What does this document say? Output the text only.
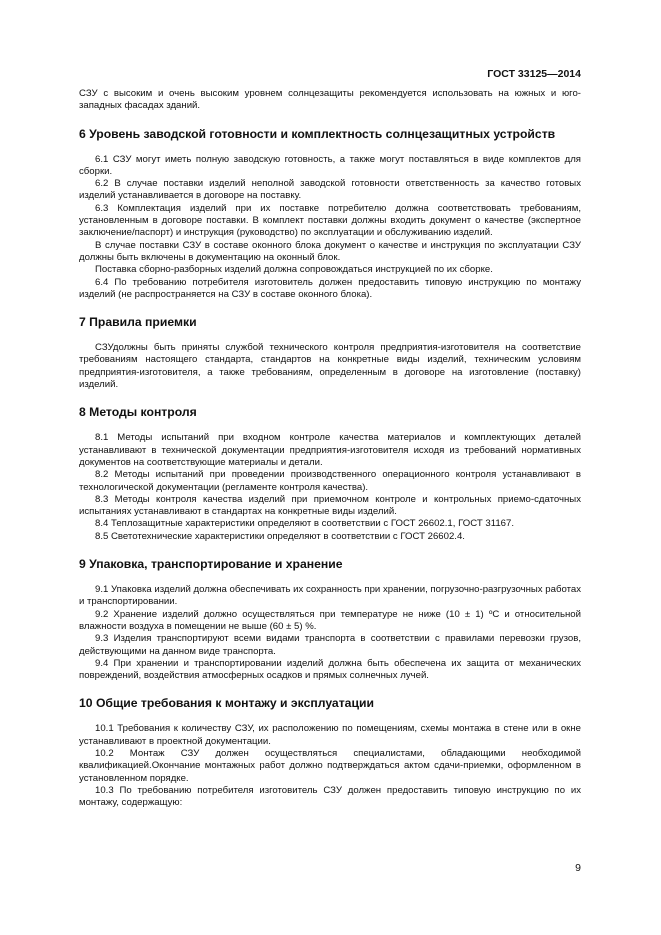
ГОСТ 33125—2014

СЗУ с высоким и очень высоким уровнем солнцезащиты рекомендуется использовать на южных и юго-западных фасадах зданий.

6 Уровень заводской готовности и комплектность солнцезащитных устройств

6.1 СЗУ могут иметь полную заводскую готовность, а также могут поставляться в виде комплектов для сборки.

6.2 В случае поставки изделий неполной заводской готовности ответственность за качество готовых изделий устанавливается в договоре на поставку.

6.3 Комплектация изделий при их поставке потребителю должна соответствовать требованиям, установленным в договоре поставки. В комплект поставки должны входить документ о качестве (экспертное заключение/паспорт) и инструкция (руководство) по эксплуатации и обслуживанию изделий.

В случае поставки СЗУ в составе оконного блока документ о качестве и инструкция по эксплуатации СЗУ должны быть включены в документацию на оконный блок.

Поставка сборно-разборных изделий должна сопровождаться инструкцией по их сборке.

6.4 По требованию потребителя изготовитель должен предоставить типовую инструкцию по монтажу изделий (не распространяется на СЗУ в составе оконного блока).

7 Правила приемки

СЗУдолжны быть приняты службой технического контроля предприятия-изготовителя на соответствие требованиям настоящего стандарта, стандартов на конкретные виды изделий, техническим условиям предприятия-изготовителя, а также требованиям, определенным в договоре на изготовление (поставку) изделий.

8 Методы контроля

8.1 Методы испытаний при входном контроле качества материалов и комплектующих деталей устанавливают в технической документации предприятия-изготовителя исходя из требований нормативных документов на соответствующие материалы и детали.

8.2 Методы испытаний при проведении производственного операционного контроля устанавливают в технологической документации (регламенте контроля качества).

8.3 Методы контроля качества изделий при приемочном контроле и контрольных приемо-сдаточных испытаниях устанавливают в стандартах на конкретные виды изделий.

8.4 Теплозащитные характеристики определяют в соответствии с ГОСТ 26602.1, ГОСТ 31167.

8.5 Светотехнические характеристики определяют в соответствии с ГОСТ 26602.4.

9 Упаковка, транспортирование и хранение

9.1 Упаковка изделий должна обеспечивать их сохранность при хранении, погрузочно-разгрузочных работах и транспортировании.

9.2 Хранение изделий должно осуществляться при температуре не ниже (10 ± 1) ºС и относительной влажности воздуха в помещении не выше (60 ± 5) %.

9.3 Изделия транспортируют всеми видами транспорта в соответствии с правилами перевозки грузов, действующими на данном виде транспорта.

9.4 При хранении и транспортировании изделий должна быть обеспечена их защита от механических повреждений, воздействия атмосферных осадков и прямых солнечных лучей.

10 Общие требования к монтажу и эксплуатации

10.1 Требования к количеству СЗУ, их расположению по помещениям, схемы монтажа в стене или в окне устанавливают в проектной документации.

10.2 Монтаж СЗУ должен осуществляться специалистами, обладающими необходимой квалификацией.Окончание монтажных работ должно подтверждаться актом сдачи-приемки, оформленном в установленном порядке.

10.3 По требованию потребителя изготовитель СЗУ должен предоставить типовую инструкцию по их монтажу, содержащую:

9
